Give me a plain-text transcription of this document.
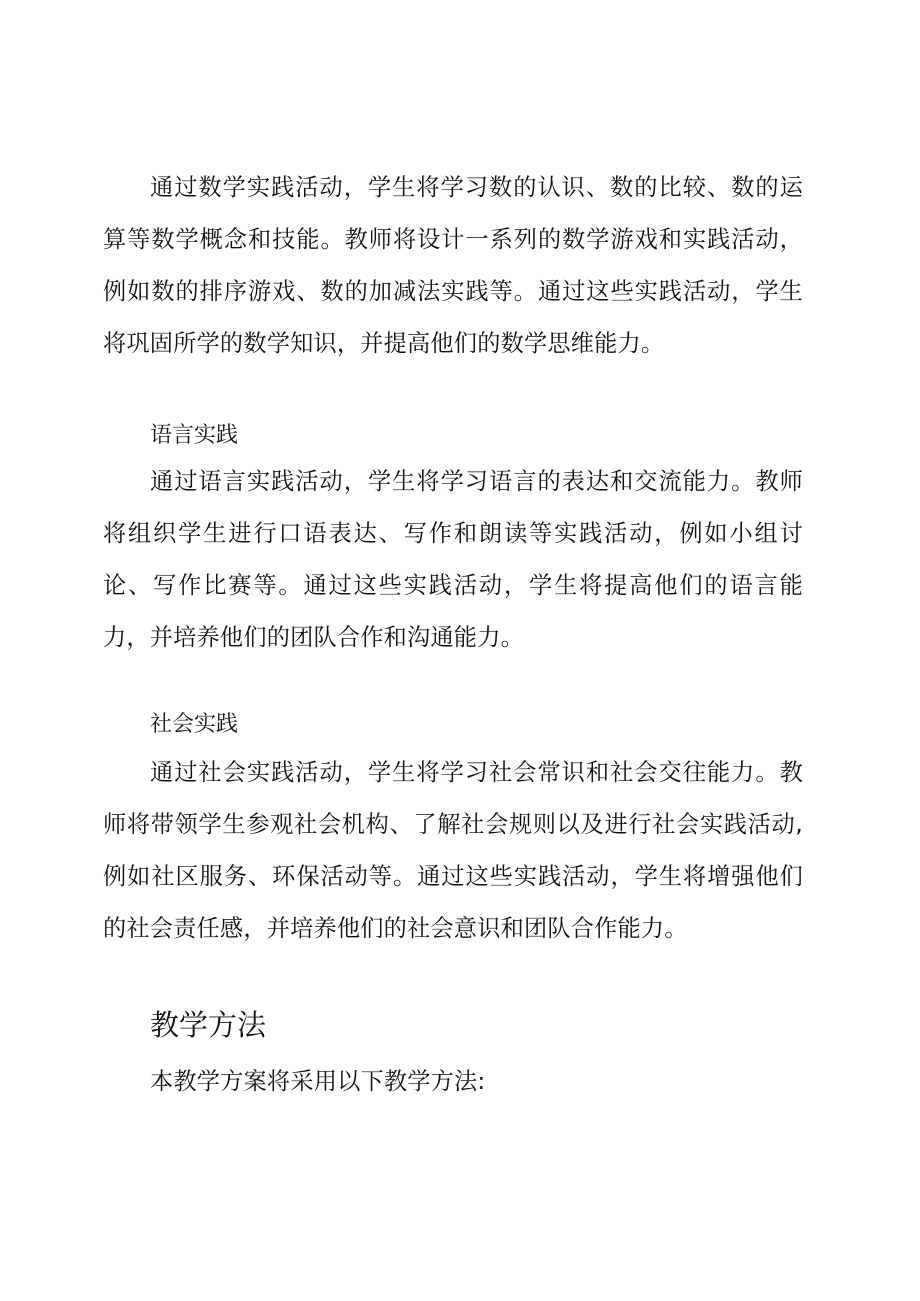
通过数学实践活动，学生将学习数的认识、数的比较、数的运算等数学概念和技能。教师将设计一系列的数学游戏和实践活动，例如数的排序游戏、数的加减法实践等。通过这些实践活动，学生将巩固所学的数学知识，并提高他们的数学思维能力。

语言实践

通过语言实践活动，学生将学习语言的表达和交流能力。教师将组织学生进行口语表达、写作和朗读等实践活动，例如小组讨论、写作比赛等。通过这些实践活动，学生将提高他们的语言能力，并培养他们的团队合作和沟通能力。

社会实践

通过社会实践活动，学生将学习社会常识和社会交往能力。教师将带领学生参观社会机构、了解社会规则以及进行社会实践活动,例如社区服务、环保活动等。通过这些实践活动，学生将增强他们的社会责任感，并培养他们的社会意识和团队合作能力。

教学方法

本教学方案将采用以下教学方法:
